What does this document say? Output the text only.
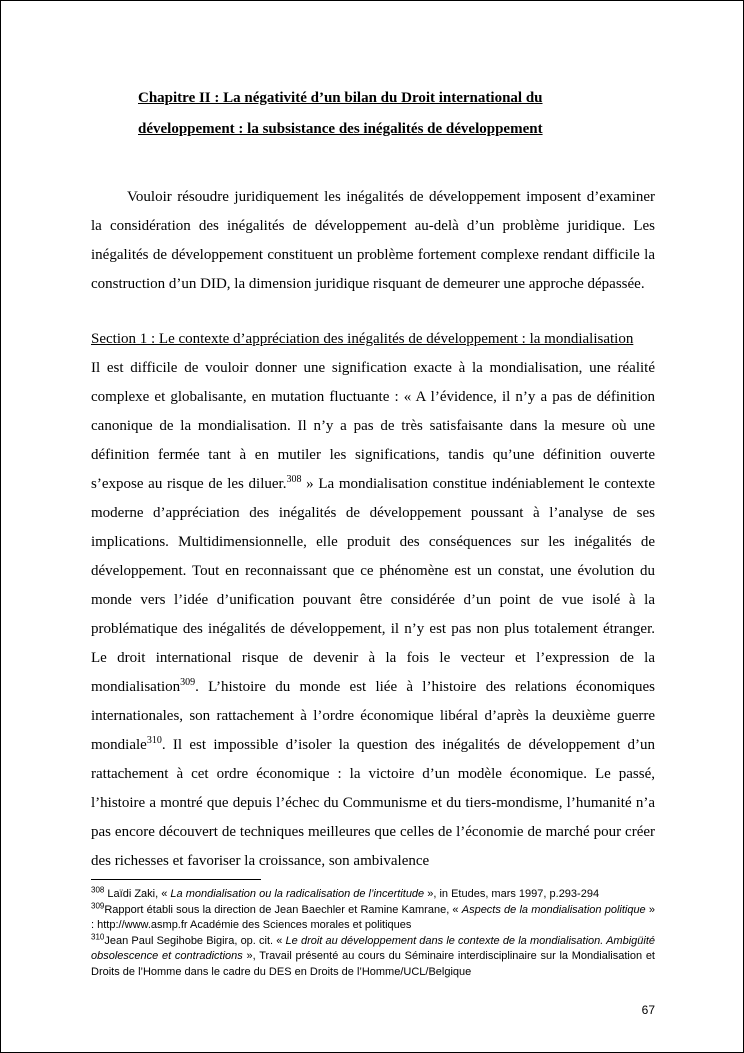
Chapitre II : La négativité d’un bilan du Droit international du
développement : la subsistance des inégalités de développement

Vouloir résoudre juridiquement les inégalités de développement imposent d’examiner la considération des inégalités de développement au-delà d’un problème juridique. Les inégalités de développement constituent un problème fortement complexe rendant difficile la construction d’un DID, la dimension juridique risquant de demeurer une approche dépassée.

Section 1 : Le contexte d’appréciation des inégalités de développement : la mondialisation

Il est difficile de vouloir donner une signification exacte à la mondialisation, une réalité complexe et globalisante, en mutation fluctuante : « A l’évidence, il n’y a pas de définition canonique de la mondialisation. Il n’y a pas de très satisfaisante dans la mesure où une définition fermée tant à en mutiler les significations, tandis qu’une définition ouverte s’expose au risque de les diluer.$^{308}$ » La mondialisation constitue indéniablement le contexte moderne d’appréciation des inégalités de développement poussant à l’analyse de ses implications. Multidimensionnelle, elle produit des conséquences sur les inégalités de développement. Tout en reconnaissant que ce phénomène est un constat, une évolution du monde vers l’idée d’unification pouvant être considérée d’un point de vue isolé à la problématique des inégalités de développement, il n’y est pas non plus totalement étranger. Le droit international risque de devenir à la fois le vecteur et l’expression de la mondialisation$^{309}$. L’histoire du monde est liée à l’histoire des relations économiques internationales, son rattachement à l’ordre économique libéral d’après la deuxième guerre mondiale$^{310}$. Il est impossible d’isoler la question des inégalités de développement d’un rattachement à cet ordre économique : la victoire d’un modèle économique. Le passé, l’histoire a montré que depuis l’échec du Communisme et du tiers-mondisme, l’humanité n’a pas encore découvert de techniques meilleures que celles de l’économie de marché pour créer des richesses et favoriser la croissance, son ambivalence

$^{308}$ Laïdi Zaki, « La mondialisation ou la radicalisation de l’incertitude », in Etudes, mars 1997, p.293-294
$^{309}$Rapport établi sous la direction de Jean Baechler et Ramine Kamrane, « Aspects de la mondialisation politique » : http://www.asmp.fr Académie des Sciences morales et politiques
$^{310}$Jean Paul Segihobe Bigira, op. cit. « Le droit au développement dans le contexte de la mondialisation. Ambigüité obsolescence et contradictions », Travail présenté au cours du Séminaire interdisciplinaire sur la Mondialisation et Droits de l’Homme dans le cadre du DES en Droits de l’Homme/UCL/Belgique
67
